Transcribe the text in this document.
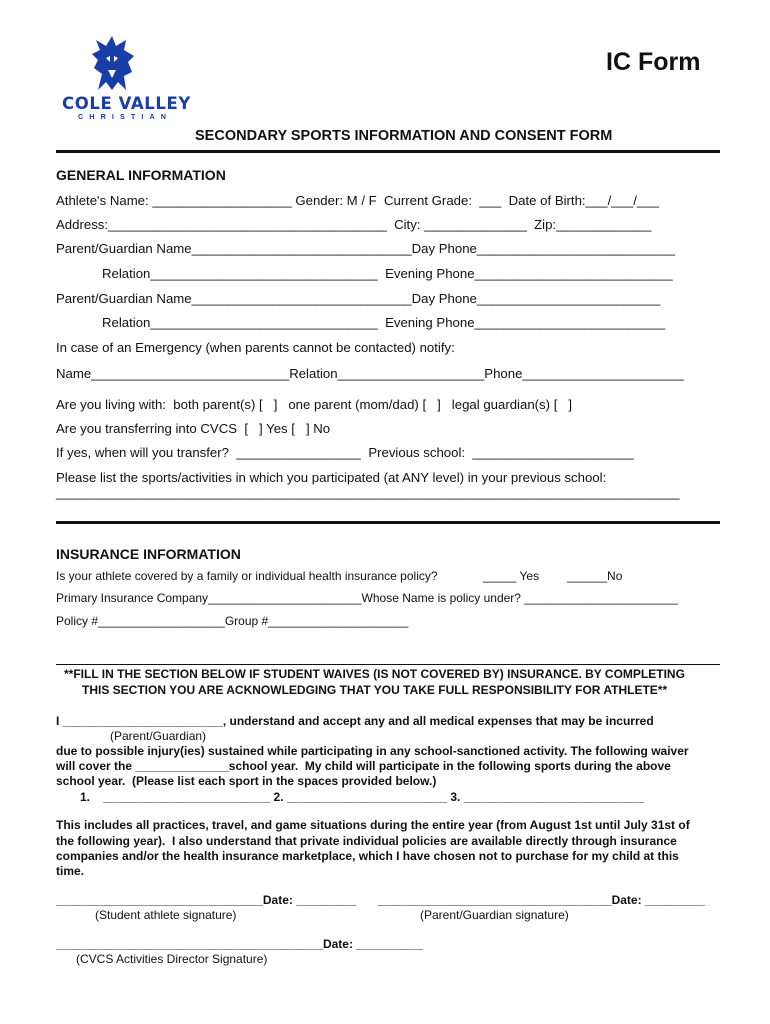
COLE VALLEY
CHRISTIAN
IC Form
SECONDARY SPORTS INFORMATION AND CONSENT FORM
GENERAL INFORMATION
Athlete's Name: ___________________ Gender: M / F  Current Grade:  ___  Date of Birth:___/___/___
Address:______________________________________  City: ______________  Zip:_____________
Parent/Guardian Name______________________________Day Phone___________________________
Relation_______________________________  Evening Phone___________________________
Parent/Guardian Name______________________________Day Phone_________________________
Relation_______________________________  Evening Phone__________________________
In case of an Emergency (when parents cannot be contacted) notify:
Name___________________________Relation____________________Phone______________________
Are you living with:  both parent(s) [   ]   one parent (mom/dad) [   ]   legal guardian(s) [   ]
Are you transferring into CVCS  [   ] Yes [   ] No
If yes, when will you transfer?  _________________  Previous school:  ______________________
Please list the sports/activities in which you participated (at ANY level) in your previous school:
_____________________________________________________________________________________
INSURANCE INFORMATION
Is your athlete covered by a family or individual health insurance policy?	_____ Yes ______No
Primary Insurance Company_______________________Whose Name is policy under? _______________________
Policy #___________________Group #_____________________
**FILL IN THE SECTION BELOW IF STUDENT WAIVES (IS NOT COVERED BY) INSURANCE. BY COMPLETING
THIS SECTION YOU ARE ACKNOWLEDGING THAT YOU TAKE FULL RESPONSIBILITY FOR ATHLETE**
I ________________________, understand and accept any and all medical expenses that may be incurred
(Parent/Guardian)
due to possible injury(ies) sustained while participating in any school-sanctioned activity. The following waiver
will cover the ______________school year.  My child will participate in the following sports during the above
school year.  (Please list each sport in the spaces provided below.)
1.    _________________________ 2. ________________________ 3. ___________________________
This includes all practices, travel, and game situations during the entire year (from August 1st until July 31st of
the following year).  I also understand that private individual policies are available directly through insurance
companies and/or the health insurance marketplace, which I have chosen not to purchase for my child at this
time.
_______________________________Date: _________
(Student athlete signature)
___________________________________Date: _________
(Parent/Guardian signature)
________________________________________Date: __________
(CVCS Activities Director Signature)
